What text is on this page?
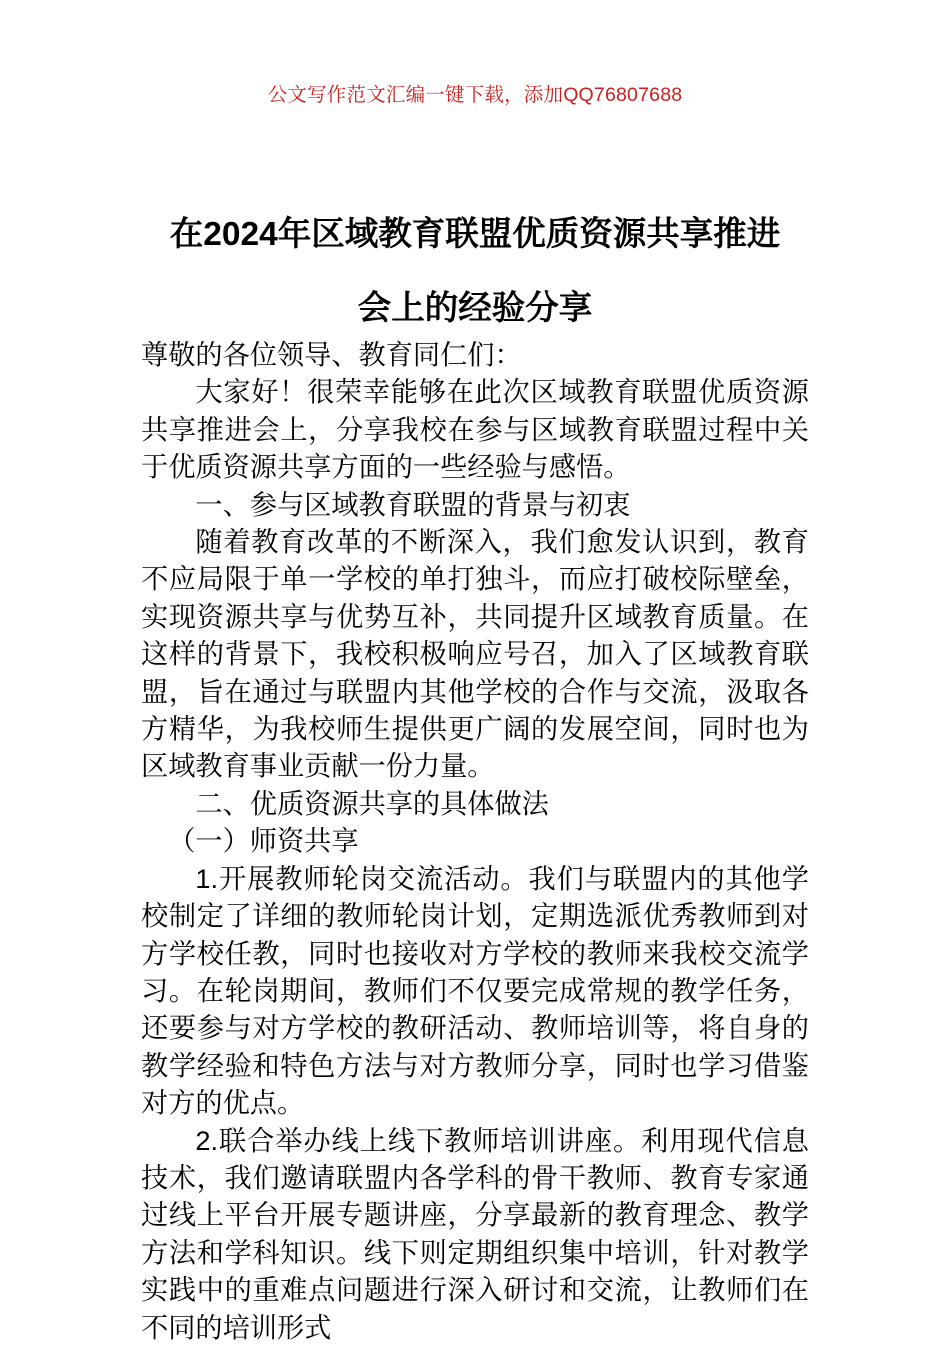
公文写作范文汇编一键下载，添加QQ76807688
在2024年区域教育联盟优质资源共享推进
会上的经验分享

尊敬的各位领导、教育同仁们：

大家好！很荣幸能够在此次区域教育联盟优质资源共享推进会上，分享我校在参与区域教育联盟过程中关于优质资源共享方面的一些经验与感悟。

一、参与区域教育联盟的背景与初衷

随着教育改革的不断深入，我们愈发认识到，教育不应局限于单一学校的单打独斗，而应打破校际壁垒，实现资源共享与优势互补，共同提升区域教育质量。在这样的背景下，我校积极响应号召，加入了区域教育联盟，旨在通过与联盟内其他学校的合作与交流，汲取各方精华，为我校师生提供更广阔的发展空间，同时也为区域教育事业贡献一份力量。

二、优质资源共享的具体做法

（一）师资共享

1.开展教师轮岗交流活动。我们与联盟内的其他学校制定了详细的教师轮岗计划，定期选派优秀教师到对方学校任教，同时也接收对方学校的教师来我校交流学习。在轮岗期间，教师们不仅要完成常规的教学任务，还要参与对方学校的教研活动、教师培训等，将自身的教学经验和特色方法与对方教师分享，同时也学习借鉴对方的优点。

2.联合举办线上线下教师培训讲座。利用现代信息技术，我们邀请联盟内各学科的骨干教师、教育专家通过线上平台开展专题讲座，分享最新的教育理念、教学方法和学科知识。线下则定期组织集中培训，针对教学实践中的重难点问题进行深入研讨和交流，让教师们在不同的培训形式
